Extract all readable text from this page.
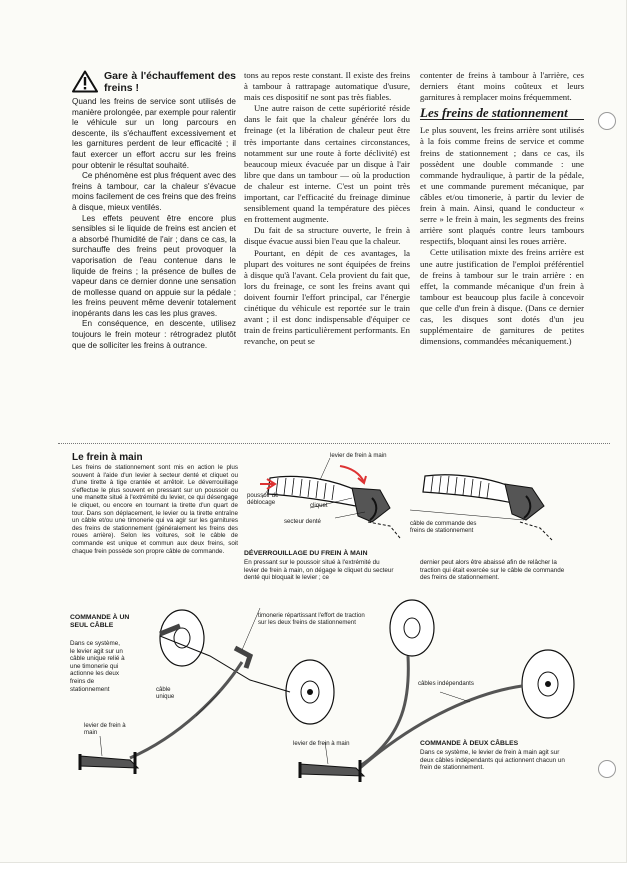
Gare à l'échauffement des freins !

Quand les freins de service sont utilisés de manière prolongée, par exemple pour ralentir le véhicule sur un long parcours en descente, ils s'échauffent excessivement et les garnitures perdent de leur efficacité ; il faut exercer un effort accru sur les freins pour obtenir le résultat souhaité.

Ce phénomène est plus fréquent avec des freins à tambour, car la chaleur s'évacue moins facilement de ces freins que des freins à disque, mieux ventilés.

Les effets peuvent être encore plus sensibles si le liquide de freins est ancien et a absorbé l'humidité de l'air ; dans ce cas, la surchauffe des freins peut provoquer la vaporisation de l'eau contenue dans le liquide de freins ; la présence de bulles de vapeur dans ce dernier donne une sensation de mollesse quand on appuie sur la pédale ; les freins peuvent même devenir totalement inopérants dans les cas les plus graves.

En conséquence, en descente, utilisez toujours le frein moteur : rétrogradez plutôt que de solliciter les freins à outrance.

tons au repos reste constant. Il existe des freins à tambour à rattrapage automatique d'usure, mais ces dispositif ne sont pas très fiables.

Une autre raison de cette supériorité réside dans le fait que la chaleur générée lors du freinage (et la libération de chaleur peut être très importante dans certaines circonstances, notamment sur une route à forte déclivité) est beaucoup mieux évacuée par un disque à l'air libre que dans un tambour — où la production de chaleur est interne. C'est un point très important, car l'efficacité du freinage diminue sensiblement quand la température des pièces en frottement augmente.

Du fait de sa structure ouverte, le frein à disque évacue aussi bien l'eau que la chaleur.

Pourtant, en dépit de ces avantages, la plupart des voitures ne sont équipées de freins à disque qu'à l'avant. Cela provient du fait que, lors du freinage, ce sont les freins avant qui doivent fournir l'effort principal, car l'énergie cinétique du véhicule est reportée sur le train avant ; il est donc indispensable d'équiper ce train de freins particulièrement performants. En revanche, on peut se

contenter de freins à tambour à l'arrière, ces derniers étant moins coûteux et leurs garnitures à remplacer moins fréquemment.

Les freins de stationnement

Le plus souvent, les freins arrière sont utilisés à la fois comme freins de service et comme freins de stationnement ; dans ce cas, ils possèdent une double commande : une commande hydraulique, à partir de la pédale, et une commande purement mécanique, par câbles et/ou timonerie, à partir du levier de frein à main. Ainsi, quand le conducteur « serre » le frein à main, les segments des freins arrière sont plaqués contre leurs tambours respectifs, bloquant ainsi les roues arrière.

Cette utilisation mixte des freins arrière est une autre justification de l'emploi préférentiel de freins à tambour sur le train arrière : en effet, la commande mécanique d'un frein à tambour est beaucoup plus facile à concevoir que celle d'un frein à disque. (Dans ce dernier cas, les disques sont dotés d'un jeu supplémentaire de garnitures de petites dimensions, commandées mécaniquement.)

Le frein à main
Les freins de stationnement sont mis en action le plus souvent à l'aide d'un levier à secteur denté et cliquet ou d'une tirette à tige crantée et arrêtoir. Le déverrouillage s'effectue le plus souvent en pressant sur un poussoir ou une manette situé à l'extrémité du levier, ce qui désengage le cliquet, ou encore en tournant la tirette d'un quart de tour. Dans son déplacement, le levier ou la tirette entraîne un câble et/ou une timonerie qui va agir sur les garnitures des freins de stationnement (généralement les freins des roues arrière). Selon les voitures, soit le câble de commande est unique et commun aux deux freins, soit chaque frein possède son propre câble de commande.
levier de frein à main
poussoir de déblocage	cliquet
secteur denté	câble de commande des freins de stationnement
DÉVERROUILLAGE DU FREIN À MAIN
En pressant sur le poussoir situé à l'extrémité du levier de frein à main, on dégage le cliquet du secteur denté qui bloquait le levier ; ce
dernier peut alors être abaissé afin de relâcher la traction qui était exercée sur le câble de commande des freins de stationnement.
COMMANDE À UN SEUL CÂBLE
Dans ce système, le levier agit sur un câble unique relié à une timonerie qui actionne les deux freins de stationnement
timonerie répartissant l'effort de traction sur les deux freins de stationnement
câble unique
levier de frein à main
levier de frein à main
câbles indépendants
COMMANDE À DEUX CÂBLES
Dans ce système, le levier de frein à main agit sur deux câbles indépendants qui actionnent chacun un frein de stationnement.
